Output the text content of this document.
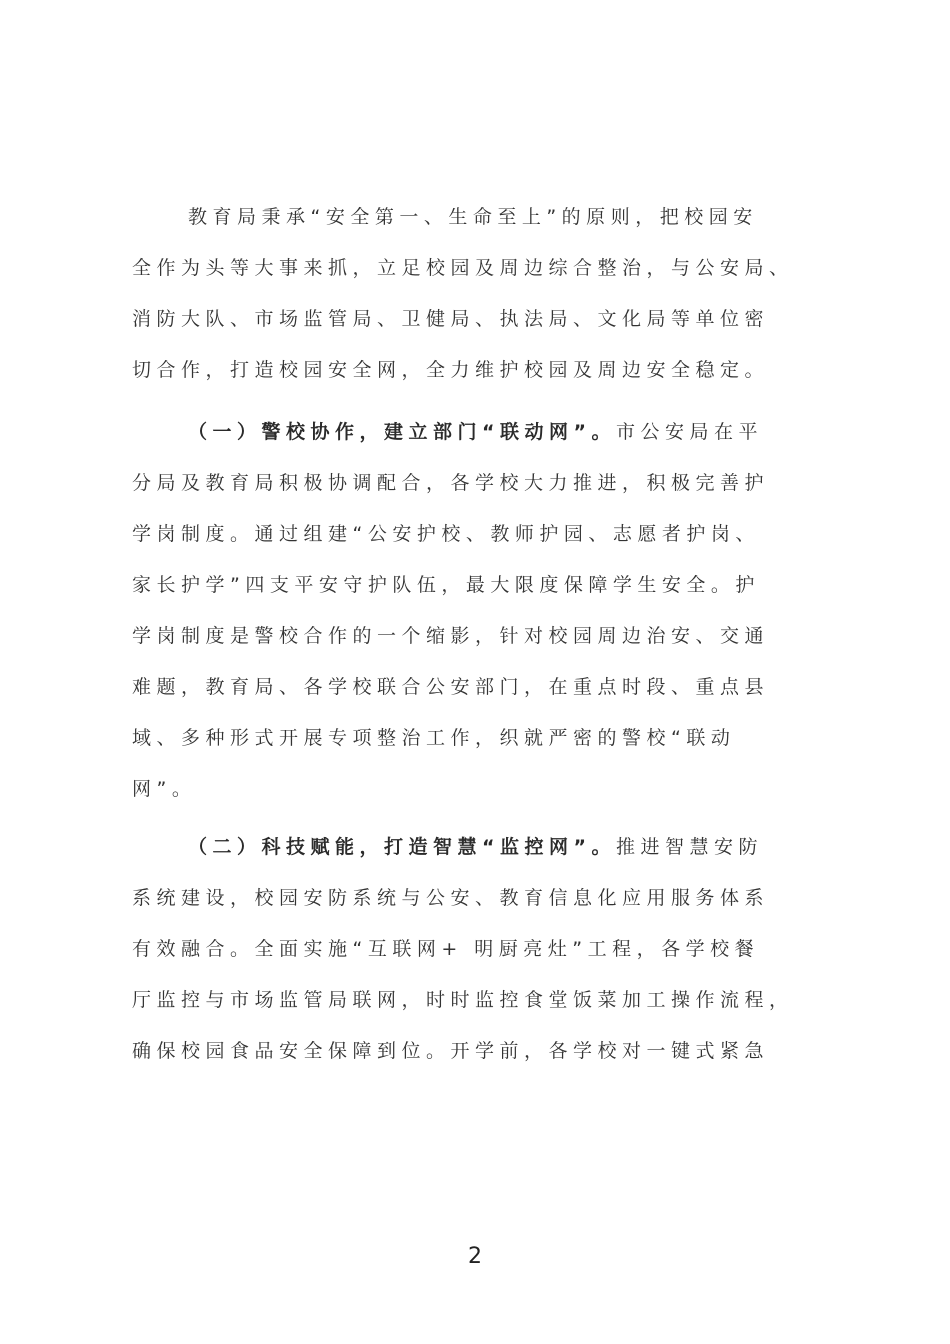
教育局秉承“安全第一、生命至上”的原则，把校园安
全作为头等大事来抓，立足校园及周边综合整治，与公安局、
消防大队、市场监管局、卫健局、执法局、文化局等单位密
切合作，打造校园安全网，全力维护校园及周边安全稳定。
（一）警校协作，建立部门“联动网”。市公安局在平
分局及教育局积极协调配合，各学校大力推进，积极完善护
学岗制度。通过组建“公安护校、教师护园、志愿者护岗、
家长护学”四支平安守护队伍，最大限度保障学生安全。护
学岗制度是警校合作的一个缩影，针对校园周边治安、交通
难题，教育局、各学校联合公安部门，在重点时段、重点县
域、多种形式开展专项整治工作，织就严密的警校“联动
网”。
（二）科技赋能，打造智慧“监控网”。推进智慧安防
系统建设，校园安防系统与公安、教育信息化应用服务体系
有效融合。全面实施“互联网+ 明厨亮灶”工程，各学校餐
厅监控与市场监管局联网，时时监控食堂饭菜加工操作流程，
确保校园食品安全保障到位。开学前，各学校对一键式紧急
2
